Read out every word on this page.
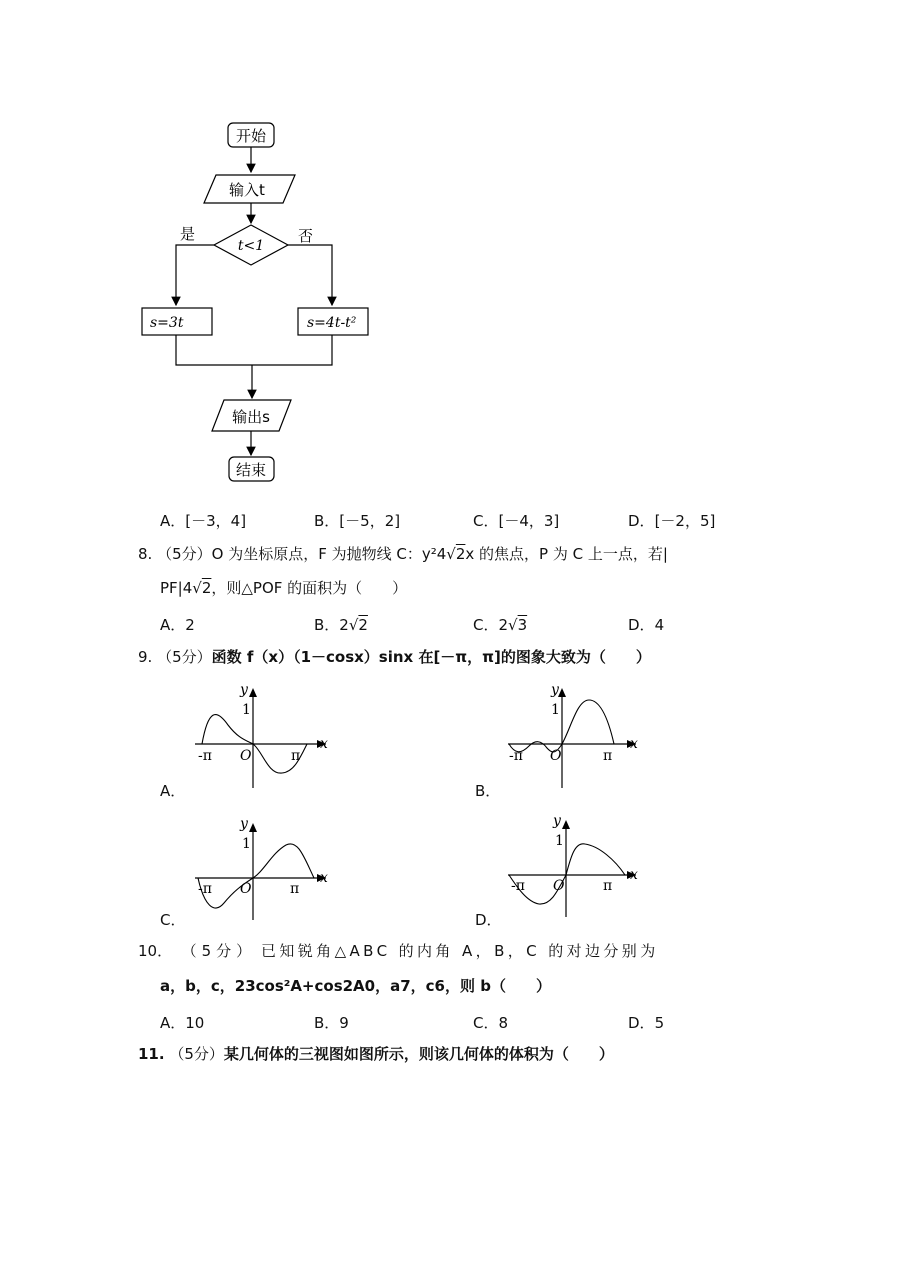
开始
输入t
t<1
是	否
s=3t	s=4t-t²
输出s
结束
A．[－3，4]	B．[－5，2]	C．[－4，3]	D．[－2，5]
8. （5分）O 为坐标原点，F 为抛物线 C：y²4√2x 的焦点，P 为 C 上一点，若|
PF|4√2，则△POF 的面积为（　　）
A．2	B．2√2	C．2√3	D．4
9. （5分）函数 f（x）（1－cosx）sinx 在[－π，π]的图象大致为（　　）
y
x
1
-π O	π
A．
y
x
1
-π O	π
B．
y
x
1
-π O	π
C．
y
x
1
-π O	π
D．
10． （5分） 已知锐角△ABC 的内角 A，B，C 的对边分别为
a，b，c，23cos²A+cos2A0，a7，c6，则 b（　　）
A．10	B．9	C．8	D．5
11. （5分）某几何体的三视图如图所示，则该几何体的体积为（　　）
